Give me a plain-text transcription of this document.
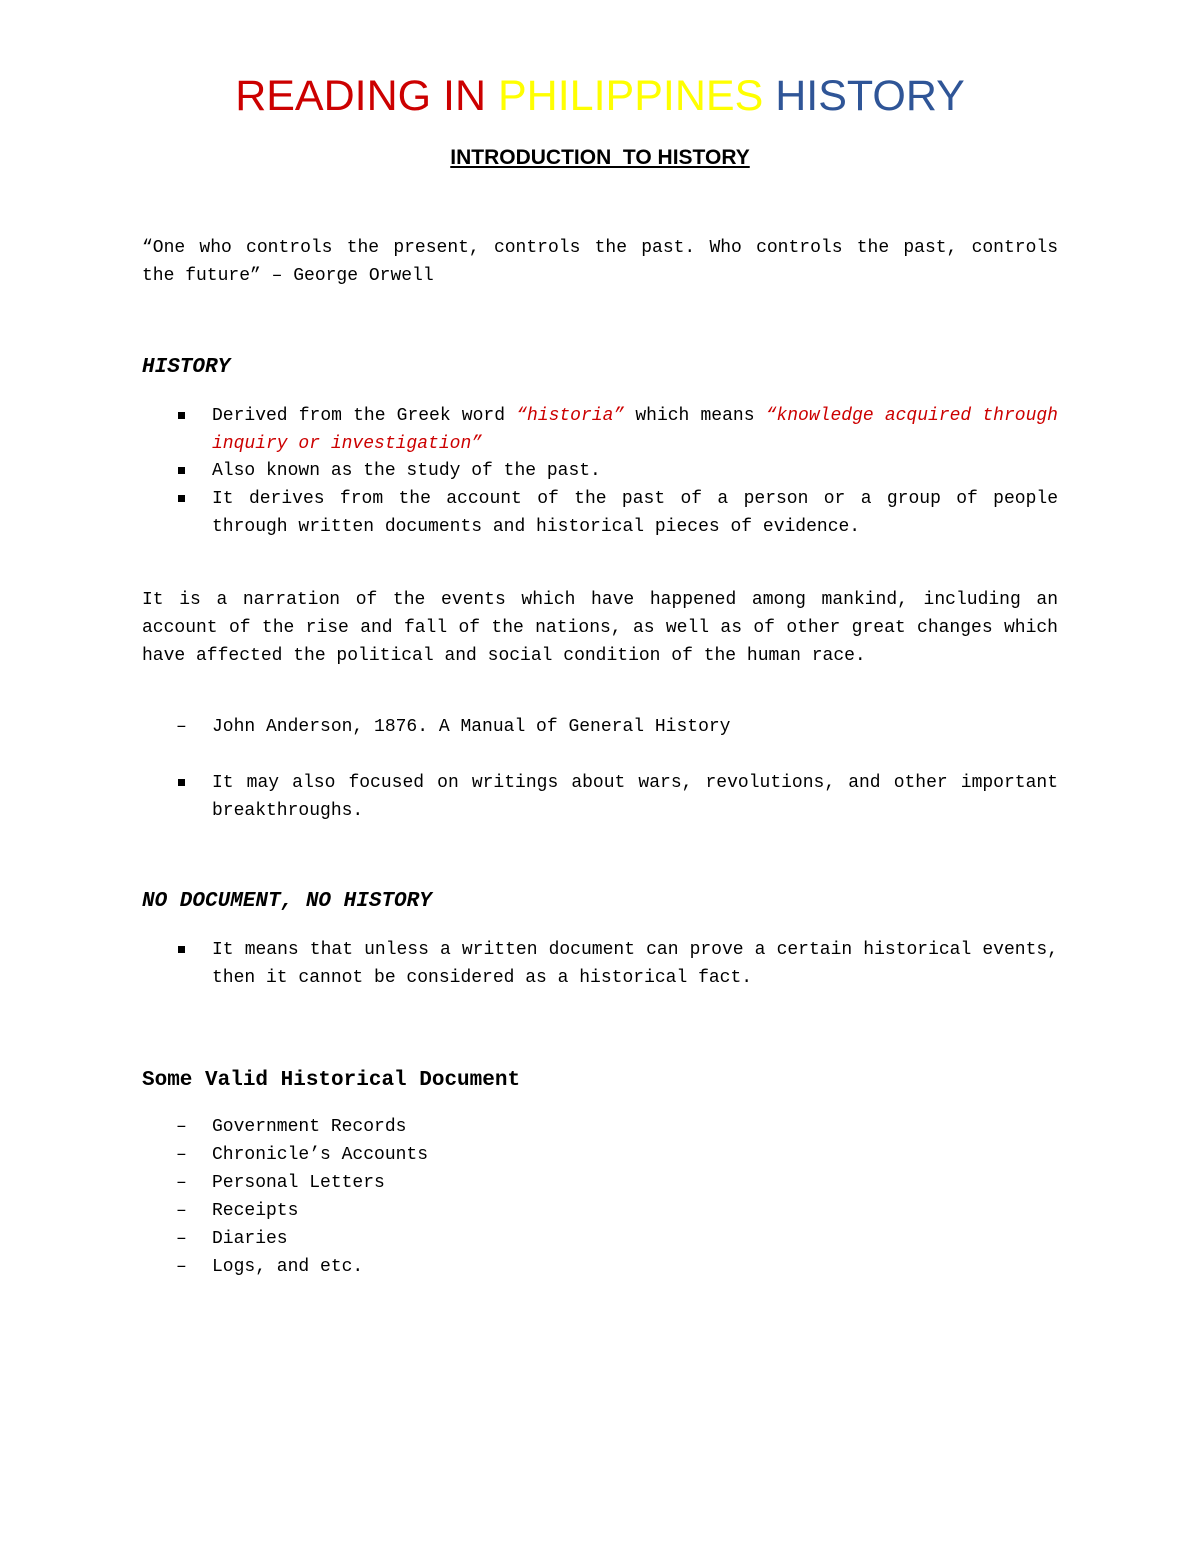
READING IN PHILIPPINES HISTORY
INTRODUCTION  TO HISTORY
“One who controls the present, controls the past. Who controls the past, controls the future” – George Orwell
HISTORY
Derived from the Greek word “historia” which means “knowledge acquired through inquiry or investigation”
Also known as the study of the past.
It derives from the account of the past of a person or a group of people through written documents and historical pieces of evidence.
It is a narration of the events which have happened among mankind, including an account of the rise and fall of the nations, as well as of other great changes which have affected the political and social condition of the human race.
–	John Anderson, 1876. A Manual of General History
It may also focused on writings about wars, revolutions, and other important breakthroughs.
NO DOCUMENT, NO HISTORY
It means that unless a written document can prove a certain historical events, then it cannot be considered as a historical fact.
Some Valid Historical Document
–	Government Records
–	Chronicle’s Accounts
–	Personal Letters
–	Receipts
–	Diaries
–	Logs, and etc.
